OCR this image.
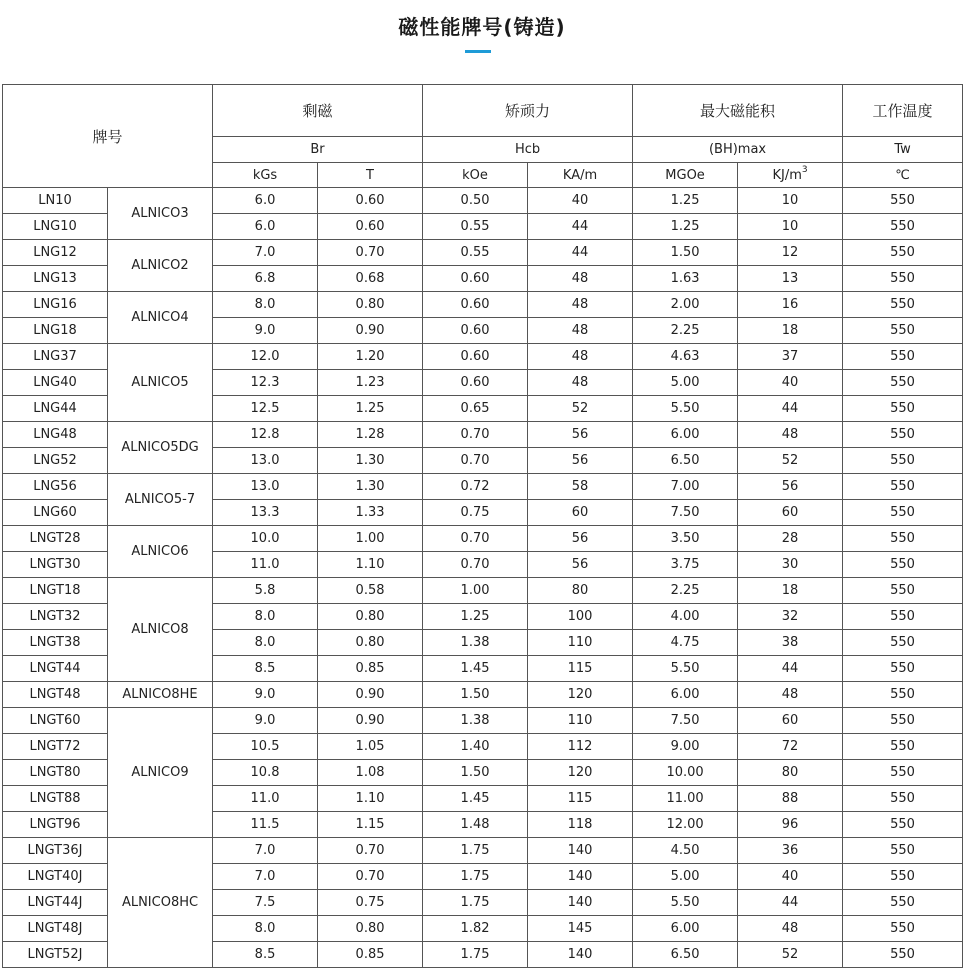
磁性能牌号(铸造)
牌号		剩磁		矫顽力		最大磁能积		工作温度
		Br		Hcb		(BH)max		Tw
		kGs	T	kOe	KA/m	MGOe	$KJ/m^3$	℃
LN10	ALNICO3	6.0	0.60	0.50	40	1.25	10	550
LNG10		6.0	0.60	0.55	44	1.25	10	550
LNG12	ALNICO2	7.0	0.70	0.55	44	1.50	12	550
LNG13		6.8	0.68	0.60	48	1.63	13	550
LNG16	ALNICO4	8.0	0.80	0.60	48	2.00	16	550
LNG18		9.0	0.90	0.60	48	2.25	18	550
LNG37	ALNICO5	12.0	1.20	0.60	48	4.63	37	550
LNG40		12.3	1.23	0.60	48	5.00	40	550
LNG44		12.5	1.25	0.65	52	5.50	44	550
LNG48	ALNICO5DG	12.8	1.28	0.70	56	6.00	48	550
LNG52		13.0	1.30	0.70	56	6.50	52	550
LNG56	ALNICO5-7	13.0	1.30	0.72	58	7.00	56	550
LNG60		13.3	1.33	0.75	60	7.50	60	550
LNGT28	ALNICO6	10.0	1.00	0.70	56	3.50	28	550
LNGT30		11.0	1.10	0.70	56	3.75	30	550
LNGT18	ALNICO8	5.8	0.58	1.00	80	2.25	18	550
LNGT32		8.0	0.80	1.25	100	4.00	32	550
LNGT38		8.0	0.80	1.38	110	4.75	38	550
LNGT44		8.5	0.85	1.45	115	5.50	44	550
LNGT48	ALNICO8HE	9.0	0.90	1.50	120	6.00	48	550
LNGT60	ALNICO9	9.0	0.90	1.38	110	7.50	60	550
LNGT72		10.5	1.05	1.40	112	9.00	72	550
LNGT80		10.8	1.08	1.50	120	10.00	80	550
LNGT88		11.0	1.10	1.45	115	11.00	88	550
LNGT96		11.5	1.15	1.48	118	12.00	96	550
LNGT36J	ALNICO8HC	7.0	0.70	1.75	140	4.50	36	550
LNGT40J		7.0	0.70	1.75	140	5.00	40	550
LNGT44J		7.5	0.75	1.75	140	5.50	44	550
LNGT48J		8.0	0.80	1.82	145	6.00	48	550
LNGT52J		8.5	0.85	1.75	140	6.50	52	550
